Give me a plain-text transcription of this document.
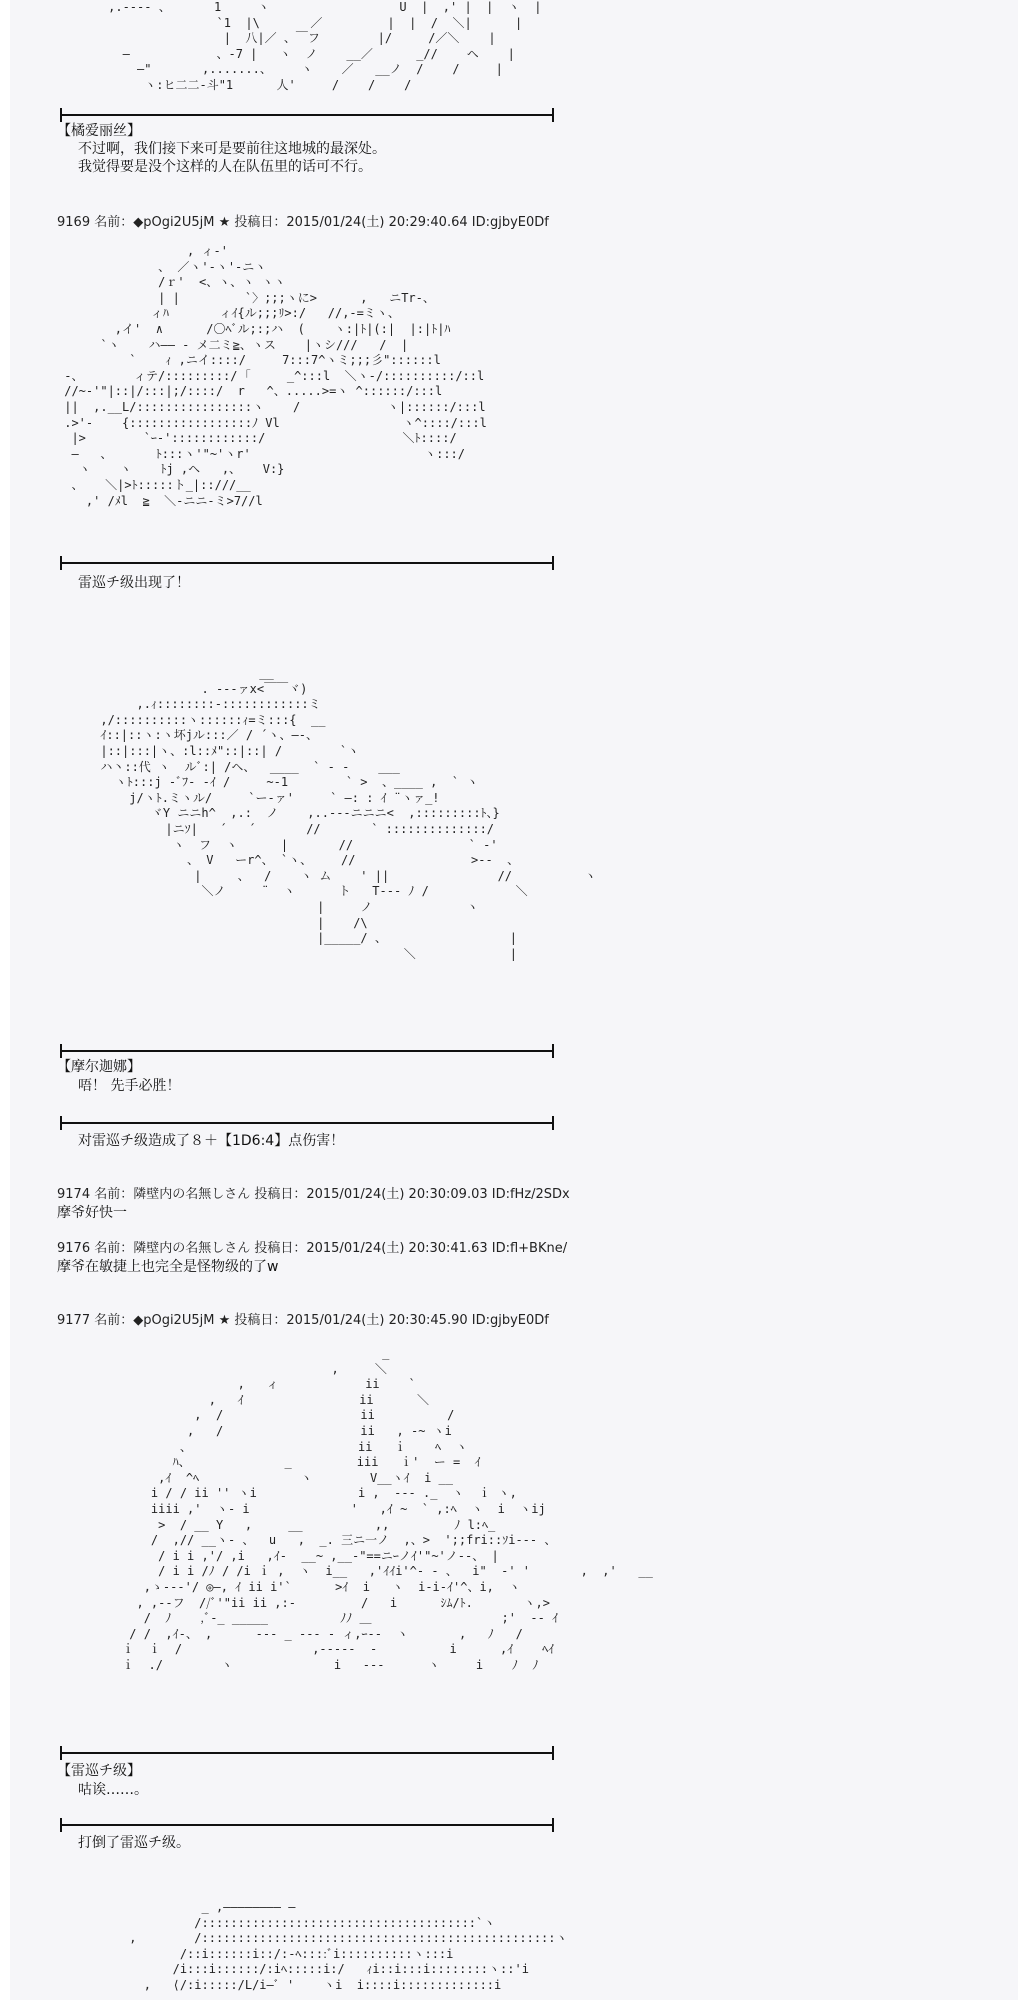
,.---- 、      1     ヽ                  U  |  ,' |  |  ヽ  |
`1  |\       ／         |  |  /  ＼|      |
|  八|／ 、￣フ        |/     /／＼    |
―            、-7 |   ヽ  ノ    __／      _//    ヘ    |
―"       ,.......、    ヽ    ／   __ノ  /    /     |
ヽ:ヒ二二‐斗"1      人'     /    /    /
【橘爱丽丝】
不过啊，我们接下来可是要前往这地城的最深处。
我觉得要是没个这样的人在队伍里的话可不行。
9169 名前：◆pOgi2U5jM ★ 投稿日：2015/01/24(土) 20:29:40.64 ID:gjbyE0Df
, ィ‐'
、 ／ヽ'‐ヽ'‐ニヽ
/ｒ'  <、ヽ、ヽ ヽヽ
| |         `〉;;;ヽに>      ,   ニTr‐、
ィﾊ       ィｲ{ル;;;ﾘ>:/   //,‐=ミヽ、
,イ'  ∧      /〇ﾍﾞル;:;ハ  (    ヽ:|ﾄ|(:|  |:|ﾄ|ﾊ
`ヽ    ハ―― ‐ メ二ミ≧、ヽス    |ヽシ///   /  |
`    ｨ ,ニイ::::/     7:::7^ヽミ;;;彡"::::::l
-、       ィテ/:::::::::/ ｢     _^:::l  ＼ヽ‐/::::::::::/::l
//~‐'"|::|/:::|;/::::/  r   ^、.....>=ヽ ^::::::/:::l
||  ,.__L/::::::::::::::::ヽ    /            ヽ|::::::/:::l
.>'‐    {:::::::::::::::::ﾉ Vl                 ヽ^::::/:::l
|>        `ｰ‐'::::::::::::/                   ＼ﾄ::::/
―   、      ﾄ:::ヽ'"~'ヽr'                        ヽ:::/
ヽ    ヽ    ﾄj ,ヘ   ,、   V:}
、   ＼|>ﾄ:::::ト_|::///__
,' /ﾒl  ≧  ＼‐ニニ‐ミ>7//l
雷巡チ级出现了！
__
. --‐ァx<￣￣ヾ)
,.ｨ::::::::-::::::::::::ミ
,/::::::::::ヽ::::::ｨ=ミ:::{  __
ｲ::|::ヽ:ヽ坏jル:::／ / ´ヽ、―‐、
|::|:::|ヽ、:l::ﾒ"::|::| /        `ヽ
ハ丶::代 ヽ  ルﾞ:| /ヘ、  ____  ` ‐ -    ___
ヽﾄ:::j ‐ﾞﾌ‐ ‐ｲ /     ~‐1        ` >  、____ ,  ` ヽ
j/ヽﾄ.ミヽル/     `ー‐ァ'     ` ―: : ｲ ¨ヽァ_!
ヾY ニニh^  ,.:  ノ    ,..--‐ニニニ<  ,:::::::::ﾄ、}
|ニｿ|   ´   ´       //       ` ::::::::::::::/
ヽ  フ  ヽ      |       //                ` ‐'
、 V   ーr^、 `ヽ、    //                >‐‐  、
|     、  /    ヽ ム    ' ||               //          ヽ
＼ノ     ¨  ヽ      ト   T‐‐‐ ﾉ /            ＼
|     ノ             ヽ
|    /\
|_____/ 、                 |
＼             |
【摩尔迦娜】
唔！ 先手必胜！
对雷巡チ级造成了８＋【1D6:4】点伤害！
9174 名前：隣壁内の名無しさん 投稿日：2015/01/24(土) 20:30:09.03 ID:fHz/2SDx
摩爷好快一
9176 名前：隣壁内の名無しさん 投稿日：2015/01/24(土) 20:30:41.63 ID:fl+BKne/
摩爷在敏捷上也完全是怪物级的了w
9177 名前：◆pOgi2U5jM ★ 投稿日：2015/01/24(土) 20:30:45.90 ID:gjbyE0Df
_
,     ＼
,   ィ            ii    `
,   ｲ                ii      ＼
,  /                   ii          /
,   /                   ii   , ‐~ ヽi
、                       ii   ｉ    ﾍ  ヽ
ﾊ、             _         iii   ｉ'  ー =  ｲ
,ｲ  ^ﾍ              ヽ        V__ヽｲ  i __
i / / ii '' ヽi              i ,  ‐‐‐ ._  ヽ  ｉ ヽ,
iiii ,'  ヽ‐ i              '   ,ｲ ~  ` ,:ﾍ  ヽ  i  ヽij
>  / __ Y   ,     __          ,,         ﾉ l:ﾍ_
/  ,// __ヽ‐ 、  u   ,  _. 三ニ一ノ  ,、>  ';;fri::ｿi‐-- 、
/ i i ,'/ ,i   ,ｲ‐  __~ ,__‐"==ニｰノｲ'"~'ノ‐‐、 |
/ i i /ﾉ / /i ｉ ,  ヽ  i__   ,'ｲｲi'^‐ - 、  i"  ‐' '       ,  ,'   __
,ゝ‐‐‐'/ ◎―, ｲ ii i'`      >ｲ  i   ヽ  i‐i-ｲ'^、i,  ヽ
, ,‐‐フ  //ﾞ'"ii ii ,:‐         /   i      ｼﾑ/ﾄ.       ヽ,>
/  ﾉ    ,ﾞ‐_ _____          ﾉﾉ ＿                  ;'  ‐‐ ｲ
/ /  ,ｲ‐、 ,      ‐‐‐ _ ‐‐‐ ‐ ィ,ｰ‐‐  ヽ       ,   ﾉ   /
ｉ  ｉ  /                  ,‐‐‐‐‐  ‐          i      ,ｲ    ﾍｲ
ｉ  ./        ヽ              i   ‐‐‐      ヽ     i    ﾉ  ﾉ
【雷巡チ级】
咕诶……。
打倒了雷巡チ级。
_ ,―――――――― ―
/::::::::::::::::::::::::::::::::::::::`ヽ
,        /:::::::::::::::::::::::::::::::::::::::::::::::::ヽ
/::i::::::i::/:-ﾍ::::ﾞi::::::::::ヽ:::i
/i:::i::::::/:iﾍ:::::i:/   ｨi::i:::i::::::::ヽ::'i
,   ⟨/:i:::::/L/i―ﾞ '    ヽi  i::::i:::::::::::::i
